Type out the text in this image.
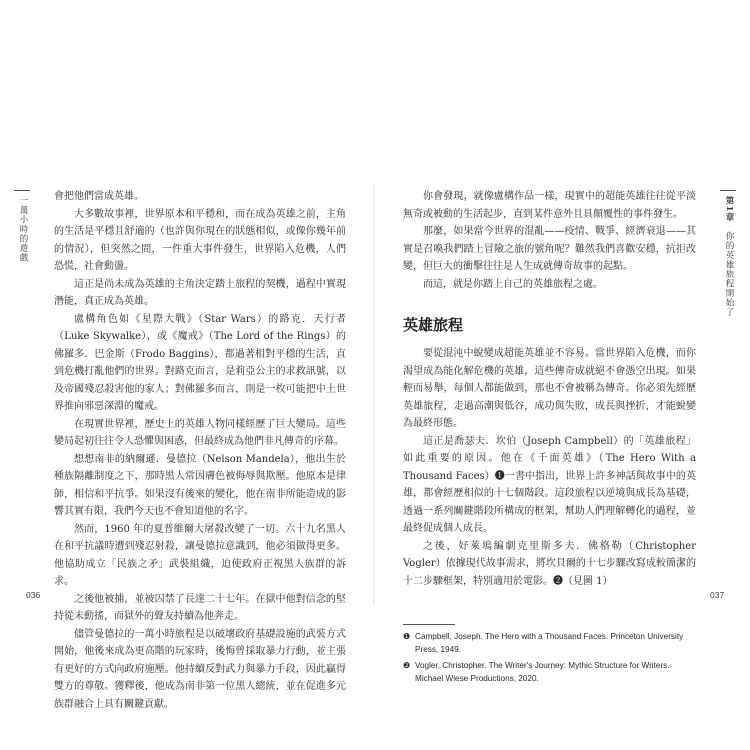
一萬小時的遊戲	第1章　你的英雄旅程開始了

會把他們當成英雄。

大多數故事裡，世界原本和平穩和，而在成為英雄之前，主角的生活是平穩且舒適的（也許與你現在的狀態相似，或像你幾年前的情況），但突然之間，一件重大事件發生，世界陷入危機，人們恐慌，社會動盪。

這正是尚未成為英雄的主角決定踏上旅程的契機，過程中實現潛能，真正成為英雄。

盧構角色如《星際大戰》（Star Wars）的路克．天行者（Luke Skywalke），或《魔戒》（The Lord of the Rings）的佛羅多．巴金斯（Frodo Baggins），都過著相對平穩的生活，直到危機打亂他們的世界。對路克而言，是莉亞公主的求救訊號，以及帝國殘忍殺害他的家人；對佛羅多而言，則是一枚可能把中土世界推向邪惡深淵的魔戒。

在現實世界裡，歷史上的英雄人物同樣經歷了巨大變局。這些變局起初往往令人恐懼與困惑，但最終成為他們非凡傳奇的序幕。

想想南非的納爾遜．曼德拉（Nelson Mandela），他出生於種族隔離制度之下，那時黑人常因膚色被侮辱與欺壓。他原本是律師，相信和平抗爭。如果沒有後來的變化，他在南非所能造成的影響其實有限，我們今天也不會知道他的名字。

然而，1960 年的夏普維爾大屠殺改變了一切。六十九名黑人在和平抗議時遭到殘忍射殺，讓曼德拉意識到，他必須做得更多。他協助成立「民族之矛」武裝組織，迫使政府正視黑人族群的訴求。

之後他被捕，並被囚禁了長達二十七年。在獄中他對信念的堅持從未動搖，而獄外的聲友持續為他奔走。

儘管曼德拉的一萬小時旅程是以破壞政府基礎設施的武裝方式開始，他後來成為更高階的玩家時，後悔曾採取暴力行動，並主張有更好的方式向政府施壓。他持續反對武力與暴力手段，因此贏得雙方的尊敬。獲釋後，他成為南非第一位黑人總統，並在促進多元族群融合上具有關鍵貢獻。

你會發現，就像盧構作品一樣，現實中的超能英雄往往從平淡無奇或被動的生活起步，直到某件意外且具顛覆性的事件發生。

那麼，如果當今世界的混亂——疫情、戰爭、經濟衰退——其實是召喚我們踏上冒險之旅的號角呢？難然我們喜歡安穩，抗拒改變，但巨大的衝擊往往是人生成就傳奇故事的起點。

而這，就是你踏上自己的英雄旅程之處。

英雄旅程

要從混沌中蛻變成超能英雄並不容易。當世界陷入危機，而你渴望成為能化解危機的英雄，這些傳奇成就絕不會憑空出現。如果輕而易舉，每個人都能做到，那也不會被稱為傳奇。你必須先經歷英雄旅程，走過高潮與低谷，成功與失敗，成長與挫折，才能蛻變為最終形態。

這正是喬瑟夫．坎伯（Joseph Campbell）的「英雄旅程」如此重要的原因。他在《千面英雄》（The Hero With a Thousand Faces）❶一書中指出，世界上許多神話與故事中的英雄，都會經歷相似的十七個階段。這段旅程以逆境與成長為基礎，透過一系列關鍵階段所構成的框架，幫助人們理解轉化的過程，並最終促成個人成長。

之後，好萊塢編劇克里斯多夫．佛格勒（Christopher Vogler）依據現代故事需求，將坎貝爾的十七步驟改寫成較簡潔的十二步驟框架，特別適用於電影。❷（見圖 1）

❶ Campbell, Joseph. The Hero with a Thousand Faces. Princeton University Press, 1949.
❷ Vogler, Christopher. The Writer's Journey: Mythic Structure for Writers. Michael Wiese Productions, 2020.
036	037
